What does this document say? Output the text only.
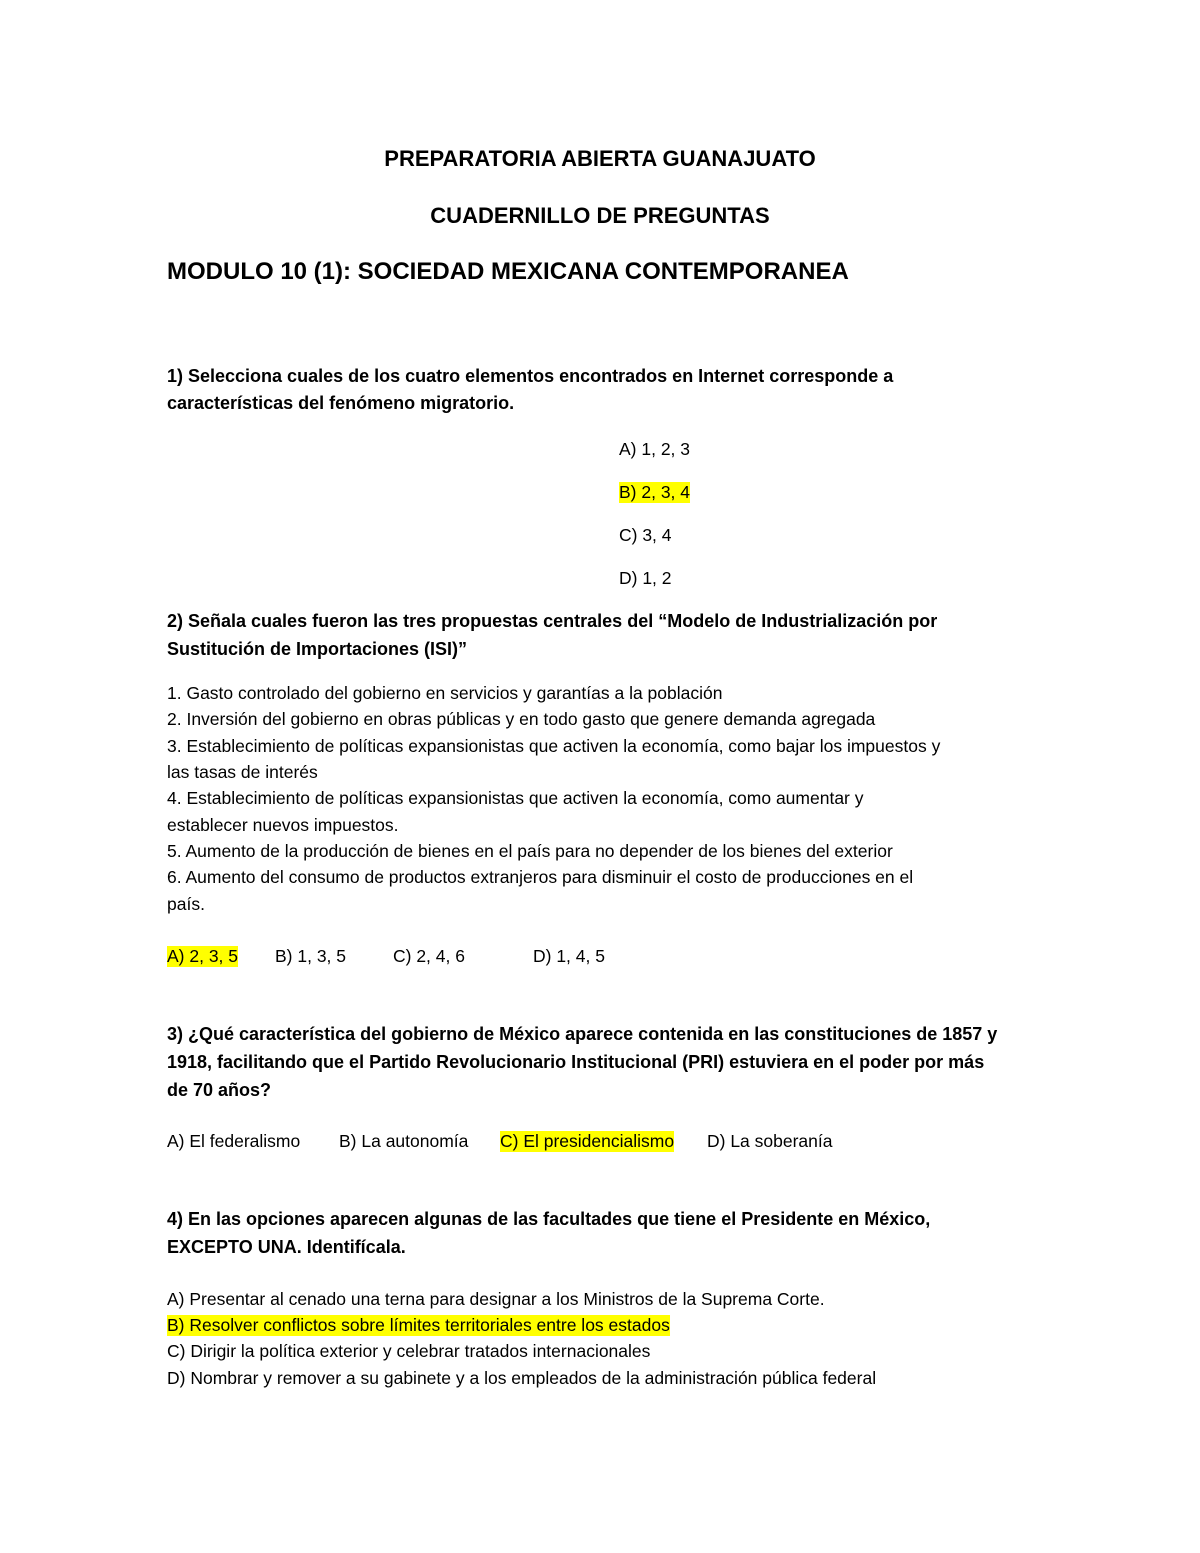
PREPARATORIA ABIERTA GUANAJUATO
CUADERNILLO DE PREGUNTAS
MODULO 10 (1): SOCIEDAD MEXICANA CONTEMPORANEA
1) Selecciona cuales de los cuatro elementos encontrados en Internet corresponde a
características del fenómeno migratorio.
A) 1, 2, 3
B) 2, 3, 4
C) 3, 4
D) 1, 2
2) Señala cuales fueron las tres propuestas centrales del “Modelo de Industrialización por
Sustitución de Importaciones (ISI)”
1. Gasto controlado del gobierno en servicios y garantías a la población
2. Inversión del gobierno en obras públicas y en todo gasto que genere demanda agregada
3. Establecimiento de políticas expansionistas que activen la economía, como bajar los impuestos y
las tasas de interés
4. Establecimiento de políticas expansionistas que activen la economía, como aumentar y
establecer nuevos impuestos.
5. Aumento de la producción de bienes en el país para no depender de los bienes del exterior
6. Aumento del consumo de productos extranjeros para disminuir el costo de producciones en el
país.
A) 2, 3, 5 B) 1, 3, 5	C) 2, 4, 6	D) 1, 4, 5
3) ¿Qué característica del gobierno de México aparece contenida en las constituciones de 1857 y
1918, facilitando que el Partido Revolucionario Institucional (PRI) estuviera en el poder por más
de 70 años?
A) El federalismo B) La autonomía C) El presidencialismo D) La soberanía
4) En las opciones aparecen algunas de las facultades que tiene el Presidente en México,
EXCEPTO UNA. Identifícala.
A) Presentar al cenado una terna para designar a los Ministros de la Suprema Corte.
B) Resolver conflictos sobre límites territoriales entre los estados
C) Dirigir la política exterior y celebrar tratados internacionales
D) Nombrar y remover a su gabinete y a los empleados de la administración pública federal
